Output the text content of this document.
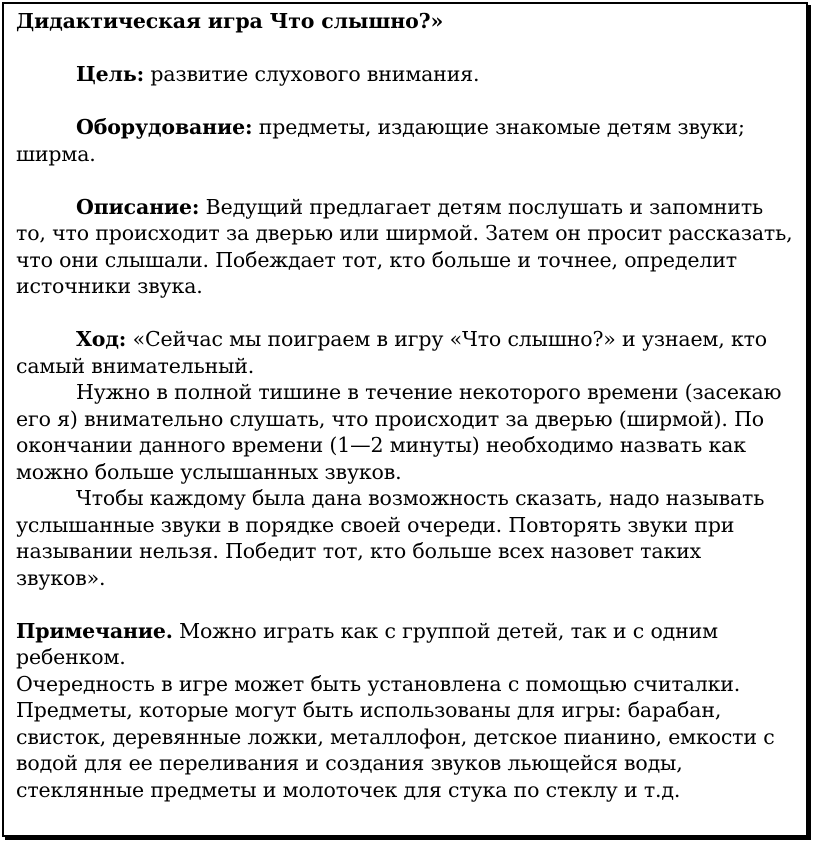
Дидактическая игра Что слышно?»

Цель: развитие слухового внимания.

Оборудование: предметы, издающие знакомые детям звуки; ширма.

Описание: Ведущий предлагает детям послушать и запомнить то, что происходит за дверью или ширмой. Затем он просит рассказать, что они слышали. Побеждает тот, кто больше и точнее, определит источники звука.

Ход: «Сейчас мы поиграем в игру «Что слышно?» и узнаем, кто самый внимательный.

Нужно в полной тишине в течение некоторого времени (засекаю его я) внимательно слушать, что происходит за дверью (ширмой). По окончании данного времени (1—2 минуты) необходимо назвать как можно больше услышанных звуков.

Чтобы каждому была дана возможность сказать, надо называть услышанные звуки в порядке своей очереди. Повторять звуки при назывании нельзя. Победит тот, кто больше всех назовет таких звуков».

Примечание. Можно играть как с группой детей, так и с одним ребенком.

Очередность в игре может быть установлена с помощью считалки.

Предметы, которые могут быть использованы для игры: барабан, свисток, деревянные ложки, металлофон, детское пианино, емкости с водой для ее переливания и создания звуков льющейся воды, стеклянные предметы и молоточек для стука по стеклу и т.д.
